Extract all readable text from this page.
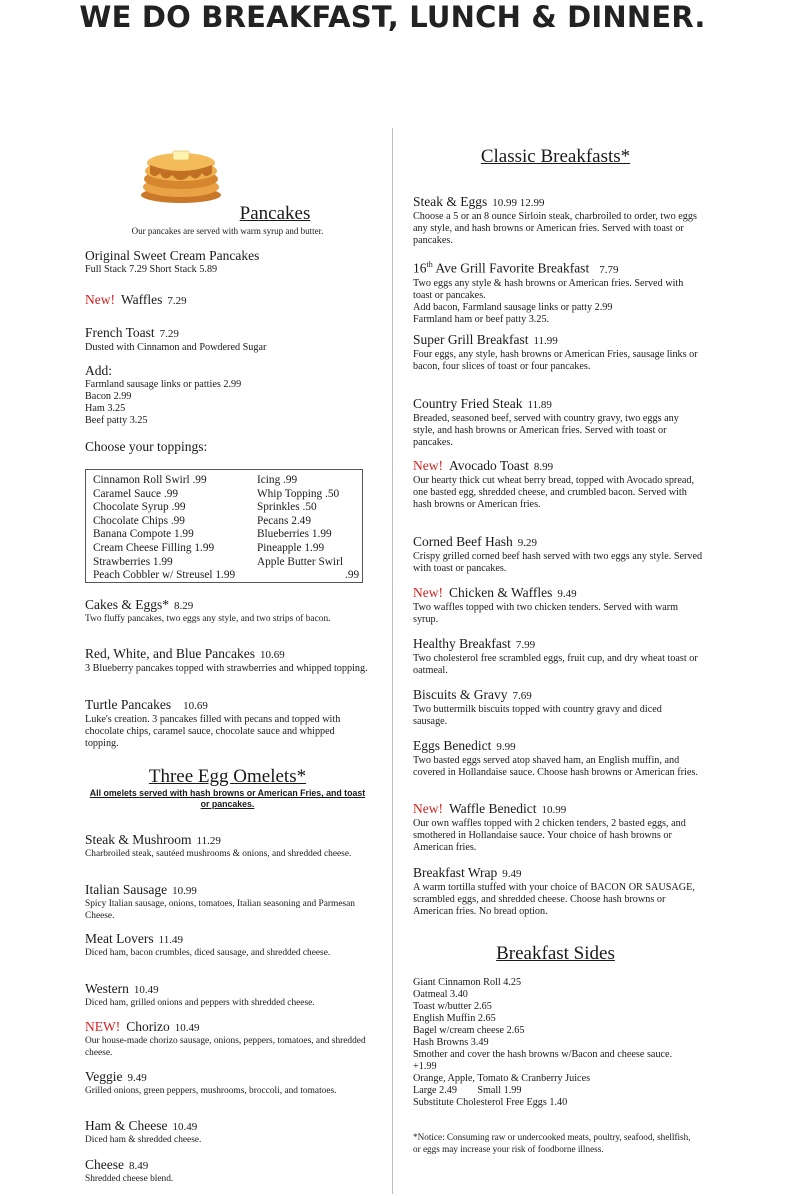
WE DO BREAKFAST, LUNCH & DINNER.
Pancakes
Our pancakes are served with warm syrup and butter.
Original Sweet Cream Pancakes
Full Stack 7.29 Short Stack 5.89
New! Waffles 7.29
French Toast 7.29
Dusted with Cinnamon and Powdered Sugar
Add:
Farmland sausage links or patties 2.99
Bacon 2.99
Ham 3.25
Beef patty 3.25
Choose your toppings:
Cinnamon Roll Swirl .99	Icing .99
Caramel Sauce .99	Whip Topping .50
Chocolate Syrup .99	Sprinkles .50
Chocolate Chips .99	Pecans 2.49
Banana Compote 1.99	Blueberries 1.99
Cream Cheese Filling 1.99	Pineapple 1.99
Strawberries 1.99	Apple Butter Swirl
Peach Cobbler w/ Streusel 1.99	.99
Cakes & Eggs* 8.29
Two fluffy pancakes, two eggs any style, and two strips of bacon.
Red, White, and Blue Pancakes 10.69
3 Blueberry pancakes topped with strawberries and whipped topping.
Turtle Pancakes 10.69
Luke's creation. 3 pancakes filled with pecans and topped with chocolate chips, caramel sauce, chocolate sauce and whipped topping.
Three Egg Omelets*
All omelets served with hash browns or American Fries, and toast or pancakes.
Steak & Mushroom 11.29
Charbroiled steak, sautéed mushrooms & onions, and shredded cheese.
Italian Sausage 10.99
Spicy Italian sausage, onions, tomatoes, Italian seasoning and Parmesan Cheese.
Meat Lovers 11.49
Diced ham, bacon crumbles, diced sausage, and shredded cheese.
Western 10.49
Diced ham, grilled onions and peppers with shredded cheese.
NEW! Chorizo 10.49
Our house-made chorizo sausage, onions, peppers, tomatoes, and shredded cheese.
Veggie 9.49
Grilled onions, green peppers, mushrooms, broccoli, and tomatoes.
Ham & Cheese 10.49
Diced ham & shredded cheese.
Cheese 8.49
Shredded cheese blend.
Classic Breakfasts*
Steak & Eggs 10.99 12.99
Choose a 5 or an 8 ounce Sirloin steak, charbroiled to order, two eggs any style, and hash browns or American fries. Served with toast or pancakes.
16th Ave Grill Favorite Breakfast 7.79
Two eggs any style & hash browns or American fries. Served with toast or pancakes.
Add bacon, Farmland sausage links or patty 2.99
Farmland ham or beef patty 3.25.
Super Grill Breakfast 11.99
Four eggs, any style, hash browns or American Fries, sausage links or bacon, four slices of toast or four pancakes.
Country Fried Steak 11.89
Breaded, seasoned beef, served with country gravy, two eggs any style, and hash browns or American fries. Served with toast or pancakes.
New! Avocado Toast 8.99
Our hearty thick cut wheat berry bread, topped with Avocado spread, one basted egg, shredded cheese, and crumbled bacon. Served with hash browns or American fries.
Corned Beef Hash 9.29
Crispy grilled corned beef hash served with two eggs any style. Served with toast or pancakes.
New! Chicken & Waffles 9.49
Two waffles topped with two chicken tenders. Served with warm syrup.
Healthy Breakfast 7.99
Two cholesterol free scrambled eggs, fruit cup, and dry wheat toast or oatmeal.
Biscuits & Gravy 7.69
Two buttermilk biscuits topped with country gravy and diced sausage.
Eggs Benedict 9.99
Two basted eggs served atop shaved ham, an English muffin, and covered in Hollandaise sauce. Choose hash browns or American fries.
New! Waffle Benedict 10.99
Our own waffles topped with 2 chicken tenders, 2 basted eggs, and smothered in Hollandaise sauce. Your choice of hash browns or American fries.
Breakfast Wrap 9.49
A warm tortilla stuffed with your choice of BACON OR SAUSAGE, scrambled eggs, and shredded cheese. Choose hash browns or American fries. No bread option.
Breakfast Sides
Giant Cinnamon Roll 4.25
Oatmeal 3.40
Toast w/butter 2.65
English Muffin 2.65
Bagel w/cream cheese 2.65
Hash Browns 3.49
Smother and cover the hash browns w/Bacon and cheese sauce. +1.99
Orange, Apple, Tomato & Cranberry Juices
Large 2.49        Small 1.99
Substitute Cholesterol Free Eggs 1.40
*Notice: Consuming raw or undercooked meats, poultry, seafood, shellfish, or eggs may increase your risk of foodborne illness.
